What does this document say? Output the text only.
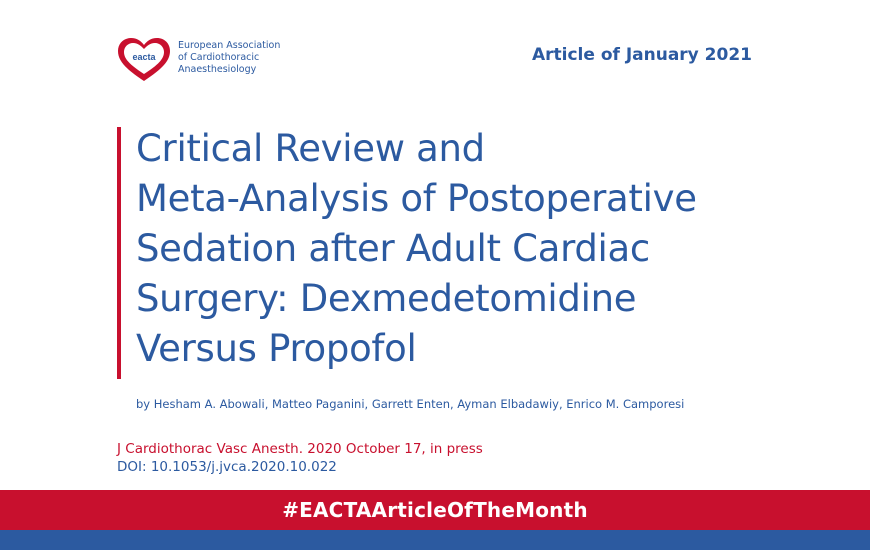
eacta
European Association
of Cardiothoracic
Anaesthesiology
Article of January 2021
Critical Review and
Meta-Analysis of Postoperative
Sedation after Adult Cardiac
Surgery: Dexmedetomidine
Versus Propofol
by Hesham A. Abowali, Matteo Paganini, Garrett Enten, Ayman Elbadawiy, Enrico M. Camporesi
J Cardiothorac Vasc Anesth. 2020 October 17, in press
DOI: 10.1053/j.jvca.2020.10.022
#EACTAArticleOfTheMonth
